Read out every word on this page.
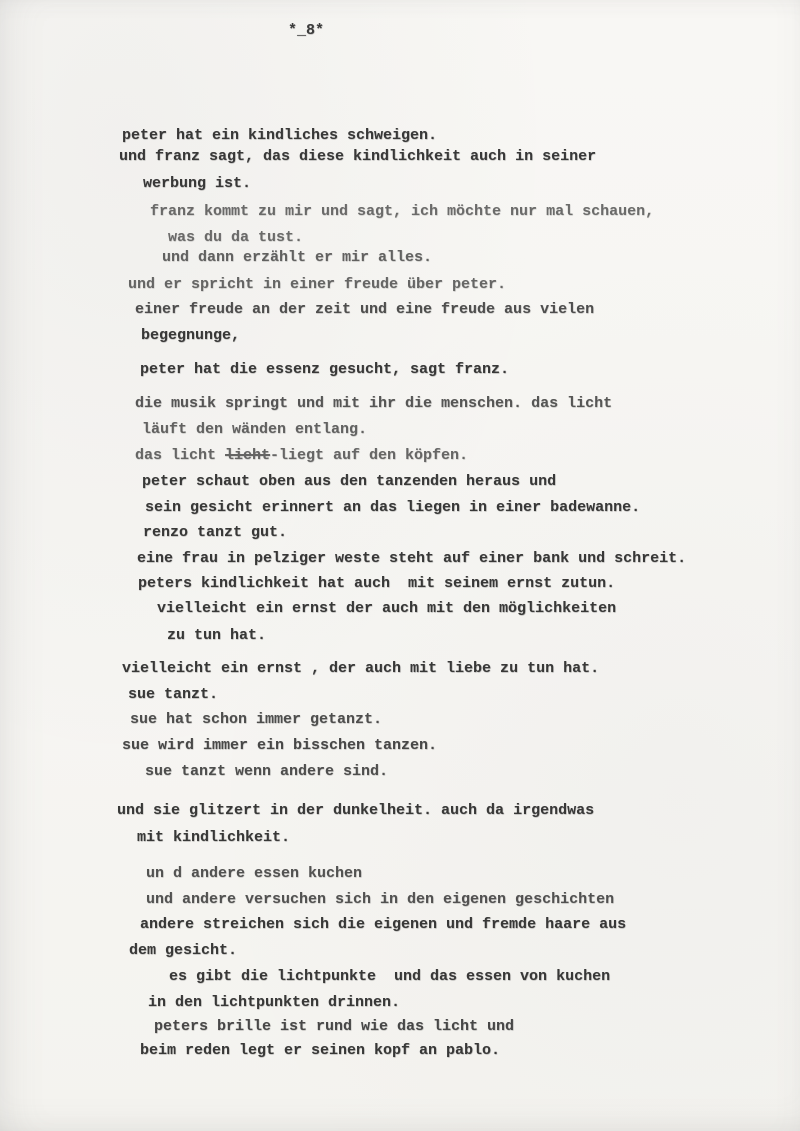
*_8*
peter hat ein kindliches schweigen.
und franz sagt, das diese kindlichkeit auch in seiner
werbung ist.
franz kommt zu mir und sagt, ich möchte nur mal schauen,
was du da tust.
und dann erzählt er mir alles.
und er spricht in einer freude über peter.
einer freude an der zeit und eine freude aus vielen
begegnunge,
peter hat die essenz gesucht, sagt franz.
die musik springt und mit ihr die menschen. das licht
läuft den wänden entlang.
das licht lieht-liegt auf den köpfen.
peter schaut oben aus den tanzenden heraus und
sein gesicht erinnert an das liegen in einer badewanne.
renzo tanzt gut.
eine frau in pelziger weste steht auf einer bank und schreit.
peters kindlichkeit hat auch  mit seinem ernst zutun.
vielleicht ein ernst der auch mit den möglichkeiten
zu tun hat.
vielleicht ein ernst , der auch mit liebe zu tun hat.
sue tanzt.
sue hat schon immer getanzt.
sue wird immer ein bisschen tanzen.
sue tanzt wenn andere sind.
und sie glitzert in der dunkelheit. auch da irgendwas
mit kindlichkeit.
un d andere essen kuchen
und andere versuchen sich in den eigenen geschichten
andere streichen sich die eigenen und fremde haare aus
dem gesicht.
es gibt die lichtpunkte  und das essen von kuchen
in den lichtpunkten drinnen.
peters brille ist rund wie das licht und
beim reden legt er seinen kopf an pablo.
